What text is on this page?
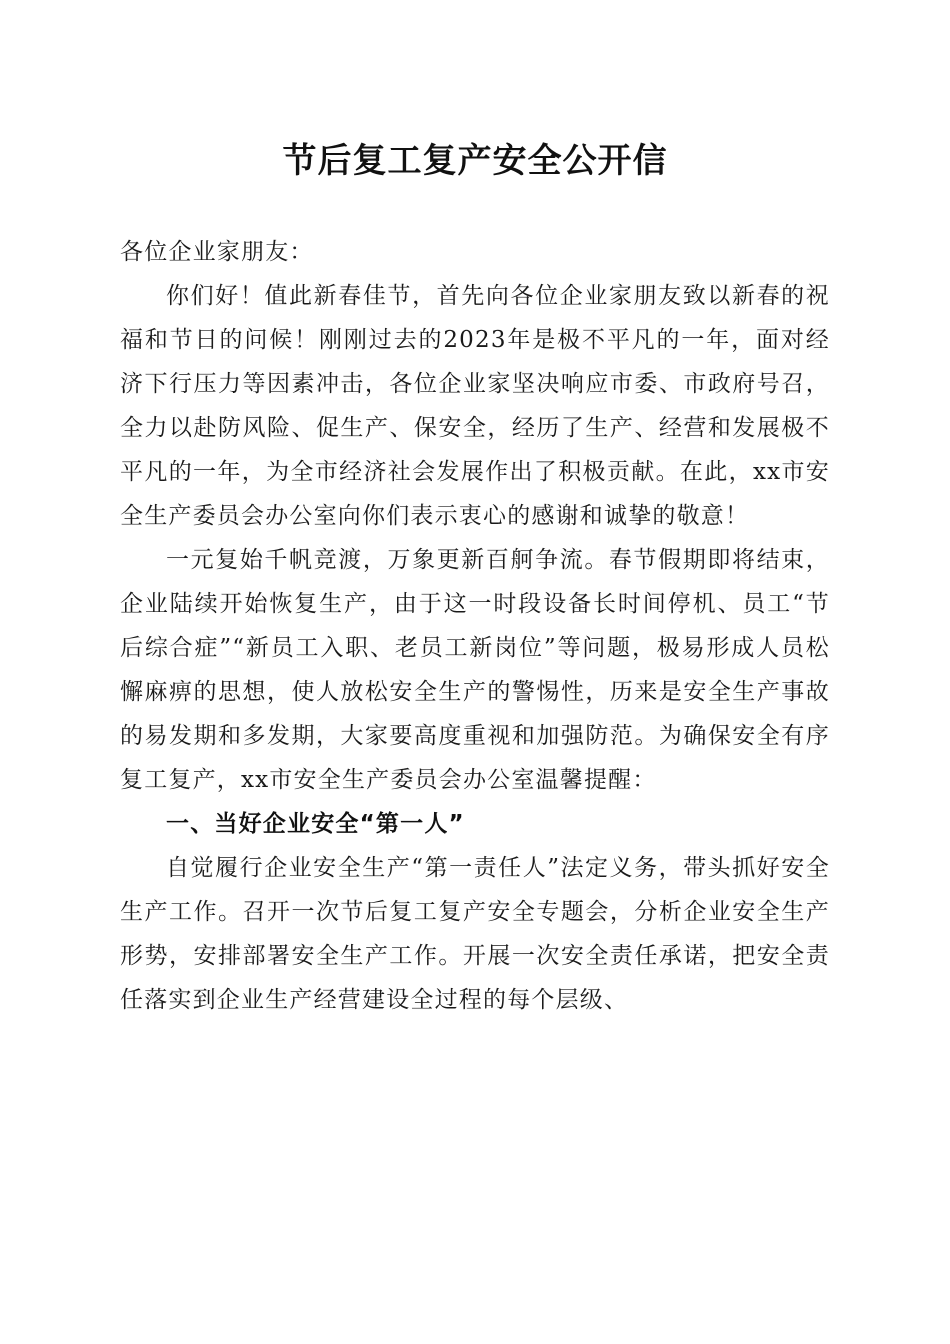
节后复工复产安全公开信

各位企业家朋友：

你们好！值此新春佳节，首先向各位企业家朋友致以新春的祝福和节日的问候！刚刚过去的2023年是极不平凡的一年，面对经济下行压力等因素冲击，各位企业家坚决响应市委、市政府号召，全力以赴防风险、促生产、保安全，经历了生产、经营和发展极不平凡的一年，为全市经济社会发展作出了积极贡献。在此，xx市安全生产委员会办公室向你们表示衷心的感谢和诚挚的敬意！

一元复始千帆竞渡，万象更新百舸争流。春节假期即将结束，企业陆续开始恢复生产，由于这一时段设备长时间停机、员工“节后综合症”“新员工入职、老员工新岗位”等问题，极易形成人员松懈麻痹的思想，使人放松安全生产的警惕性，历来是安全生产事故的易发期和多发期，大家要高度重视和加强防范。为确保安全有序复工复产，xx市安全生产委员会办公室温馨提醒：

一、当好企业安全“第一人”

自觉履行企业安全生产“第一责任人”法定义务，带头抓好安全生产工作。召开一次节后复工复产安全专题会，分析企业安全生产形势，安排部署安全生产工作。开展一次安全责任承诺，把安全责任落实到企业生产经营建设全过程的每个层级、
